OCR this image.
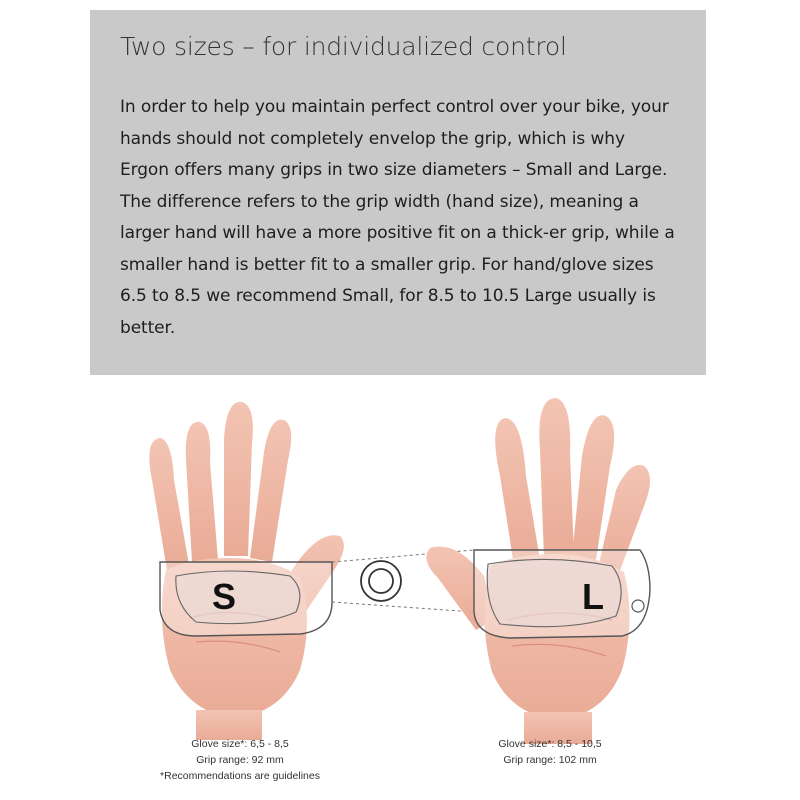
Two sizes – for individualized control

In order to help you maintain perfect control over your bike, your hands should not completely envelop the grip, which is why Ergon offers many grips in two size diameters – Small and Large. The difference refers to the grip width (hand size), meaning a larger hand will have a more positive fit on a thick-er grip, while a smaller hand is better fit to a smaller grip. For hand/glove sizes 6.5 to 8.5 we recommend Small, for 8.5 to 10.5 Large usually is better.

S	L
Glove size*: 6,5 - 8,5
Grip range: 92 mm
*Recommendations are guidelines
Glove size*: 8,5 - 10,5
Grip range: 102 mm
